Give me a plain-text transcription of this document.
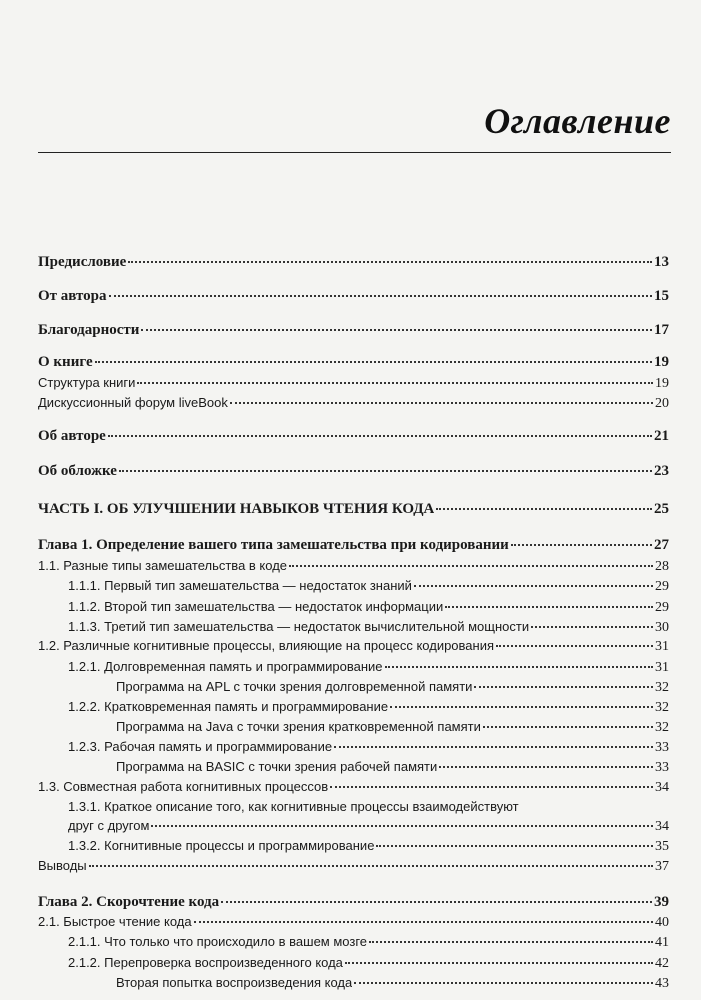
Оглавление
Предисловие	13
От автора	15
Благодарности	17
О книге	19
Структура книги	19
Дискуссионный форум liveBook	20
Об авторе	21
Об обложке	23
ЧАСТЬ I. ОБ УЛУЧШЕНИИ НАВЫКОВ ЧТЕНИЯ КОДА	25
Глава 1. Определение вашего типа замешательства при кодировании	27
1.1. Разные типы замешательства в коде	28
1.1.1. Первый тип замешательства — недостаток знаний	29
1.1.2. Второй тип замешательства — недостаток информации	29
1.1.3. Третий тип замешательства — недостаток вычислительной мощности	30
1.2. Различные когнитивные процессы, влияющие на процесс кодирования	31
1.2.1. Долговременная память и программирование	31
Программа на APL с точки зрения долговременной памяти	32
1.2.2. Кратковременная память и программирование	32
Программа на Java с точки зрения кратковременной памяти	32
1.2.3. Рабочая память и программирование	33
Программа на BASIC с точки зрения рабочей памяти	33
1.3. Совместная работа когнитивных процессов	34
1.3.1. Краткое описание того, как когнитивные процессы взаимодействуют
друг с другом	34
1.3.2. Когнитивные процессы и программирование	35
Выводы	37
Глава 2. Скорочтение кода	39
2.1. Быстрое чтение кода	40
2.1.1. Что только что происходило в вашем мозге	41
2.1.2. Перепроверка воспроизведенного кода	42
Вторая попытка воспроизведения кода	43
